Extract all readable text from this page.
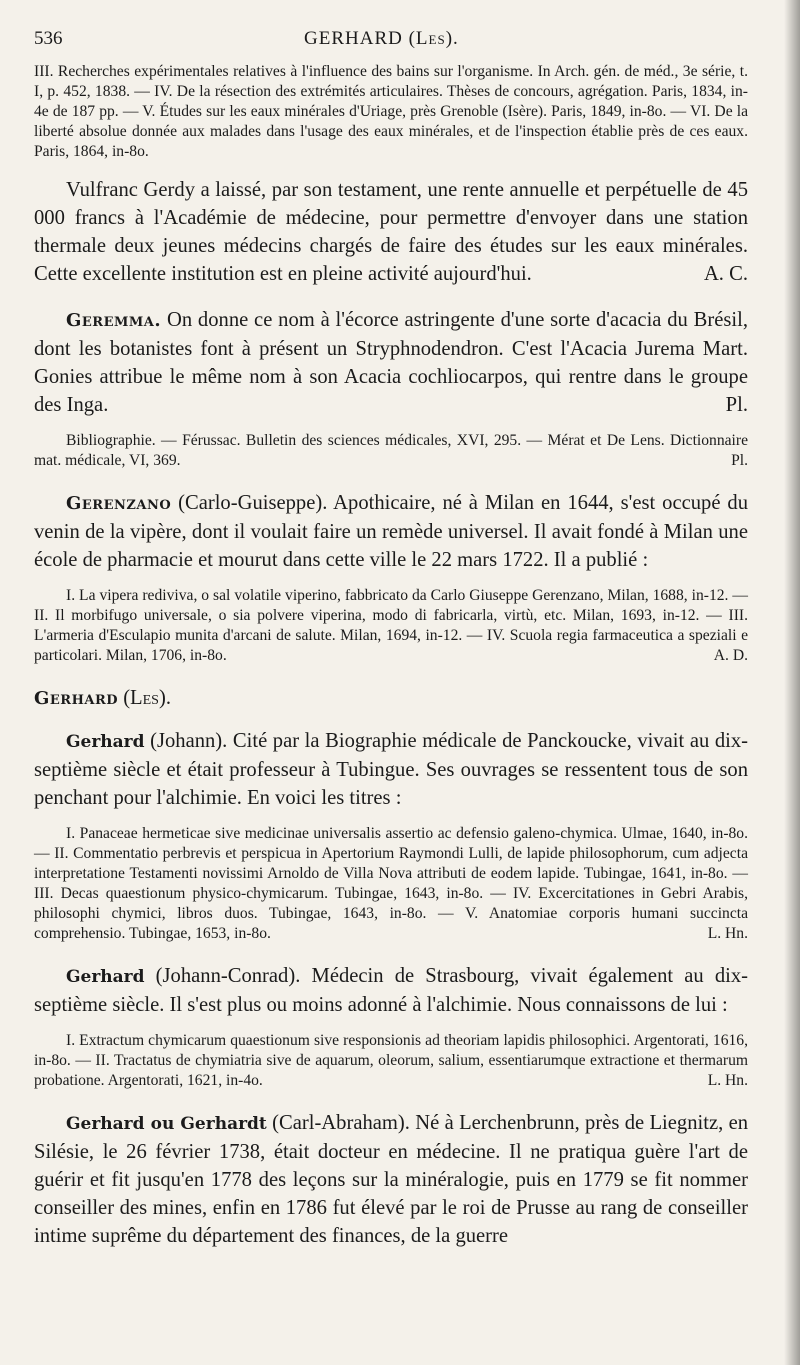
536	GERHARD (Les).

III. Recherches expérimentales relatives à l'influence des bains sur l'organisme. In Arch. gén. de méd., 3e série, t. I, p. 452, 1838. — IV. De la résection des extrémités articulaires. Thèses de concours, agrégation. Paris, 1834, in-4e de 187 pp. — V. Études sur les eaux minérales d'Uriage, près Grenoble (Isère). Paris, 1849, in-8o. — VI. De la liberté absolue donnée aux malades dans l'usage des eaux minérales, et de l'inspection établie près de ces eaux. Paris, 1864, in-8o.

Vulfranc Gerdy a laissé, par son testament, une rente annuelle et perpétuelle de 45 000 francs à l'Académie de médecine, pour permettre d'envoyer dans une station thermale deux jeunes médecins chargés de faire des études sur les eaux minérales. Cette excellente institution est en pleine activité aujourd'hui.	A. C.

Geremma. On donne ce nom à l'écorce astringente d'une sorte d'acacia du Brésil, dont les botanistes font à présent un Stryphnodendron. C'est l'Acacia Jurema Mart. Gonies attribue le même nom à son Acacia cochliocarpos, qui rentre dans le groupe des Inga.	Pl.

Bibliographie. — Férussac. Bulletin des sciences médicales, XVI, 295. — Mérat et De Lens. Dictionnaire mat. médicale, VI, 369.	Pl.

Gerenzano (Carlo-Guiseppe). Apothicaire, né à Milan en 1644, s'est occupé du venin de la vipère, dont il voulait faire un remède universel. Il avait fondé à Milan une école de pharmacie et mourut dans cette ville le 22 mars 1722. Il a publié :

I. La vipera rediviva, o sal volatile viperino, fabbricato da Carlo Giuseppe Gerenzano, Milan, 1688, in-12. — II. Il morbifugo universale, o sia polvere viperina, modo di fabricarla, virtù, etc. Milan, 1693, in-12. — III. L'armeria d'Esculapio munita d'arcani de salute. Milan, 1694, in-12. — IV. Scuola regia farmaceutica a speziali e particolari. Milan, 1706, in-8o.	A. D.

Gerhard (Les).

Gerhard (Johann). Cité par la Biographie médicale de Panckoucke, vivait au dix-septième siècle et était professeur à Tubingue. Ses ouvrages se ressentent tous de son penchant pour l'alchimie. En voici les titres :

I. Panaceae hermeticae sive medicinae universalis assertio ac defensio galeno-chymica. Ulmae, 1640, in-8o. — II. Commentatio perbrevis et perspicua in Apertorium Raymondi Lulli, de lapide philosophorum, cum adjecta interpretatione Testamenti novissimi Arnoldo de Villa Nova attributi de eodem lapide. Tubingae, 1641, in-8o. — III. Decas quaestionum physico-chymicarum. Tubingae, 1643, in-8o. — IV. Excercitationes in Gebri Arabis, philosophi chymici, libros duos. Tubingae, 1643, in-8o. — V. Anatomiae corporis humani succincta comprehensio. Tubingae, 1653, in-8o.	L. Hn.

Gerhard (Johann-Conrad). Médecin de Strasbourg, vivait également au dix-septième siècle. Il s'est plus ou moins adonné à l'alchimie. Nous connaissons de lui :

I. Extractum chymicarum quaestionum sive responsionis ad theoriam lapidis philosophici. Argentorati, 1616, in-8o. — II. Tractatus de chymiatria sive de aquarum, oleorum, salium, essentiarumque extractione et thermarum probatione. Argentorati, 1621, in-4o.	L. Hn.

Gerhard ou Gerhardt (Carl-Abraham). Né à Lerchenbrunn, près de Liegnitz, en Silésie, le 26 février 1738, était docteur en médecine. Il ne pratiqua guère l'art de guérir et fit jusqu'en 1778 des leçons sur la minéralogie, puis en 1779 se fit nommer conseiller des mines, enfin en 1786 fut élevé par le roi de Prusse au rang de conseiller intime suprême du département des finances, de la guerre
